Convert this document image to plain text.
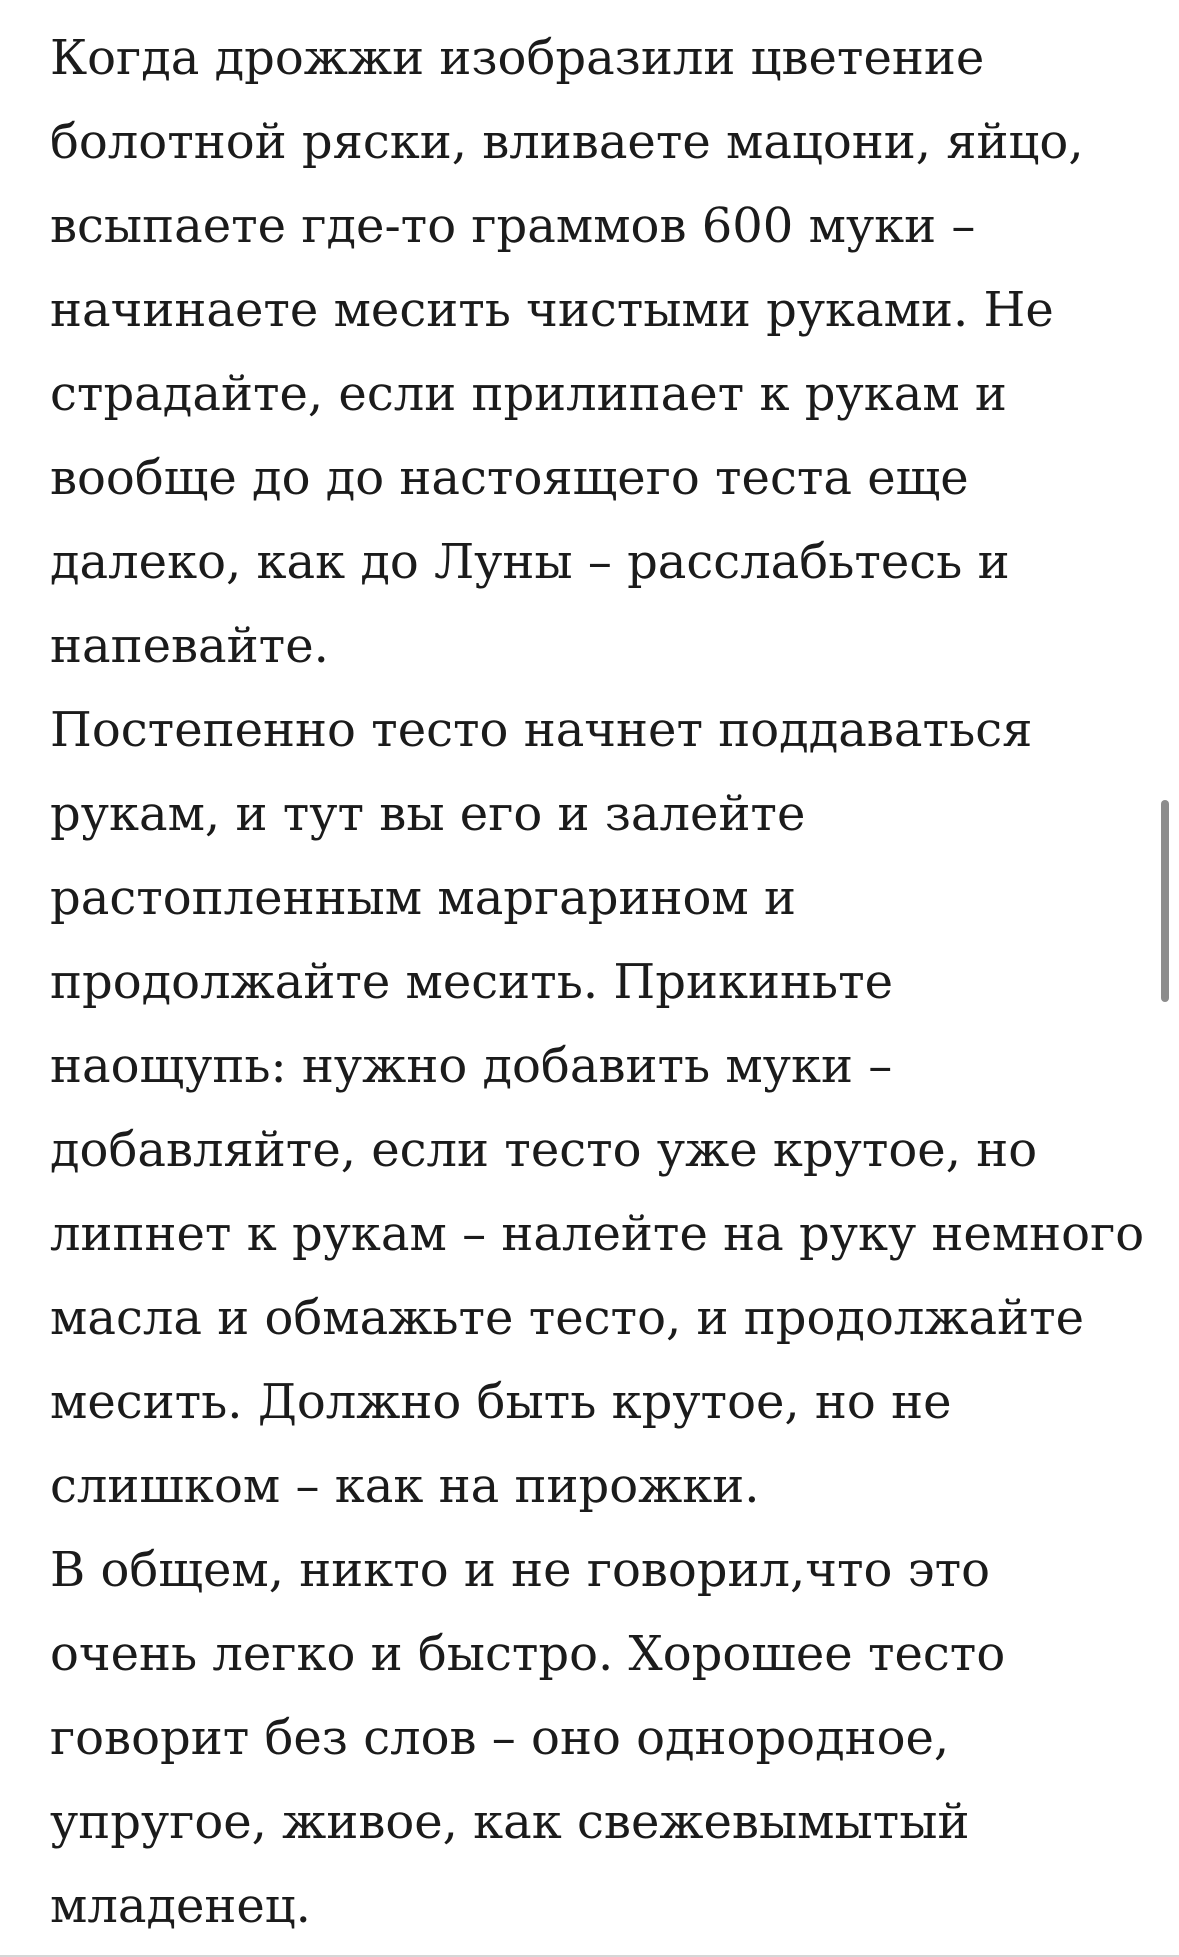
Когда дрожжи изобразили цветение
болотной ряски, вливаете мацони, яйцо,
всыпаете где-то граммов 600 муки –
начинаете месить чистыми руками. Не
страдайте, если прилипает к рукам и
вообще до до настоящего теста еще
далеко, как до Луны – расслабьтесь и
напевайте.
Постепенно тесто начнет поддаваться
рукам, и тут вы его и залейте
растопленным маргарином и
продолжайте месить. Прикиньте
наощупь: нужно добавить муки –
добавляйте, если тесто уже крутое, но
липнет к рукам – налейте на руку немного
масла и обмажьте тесто, и продолжайте
месить. Должно быть крутое, но не
слишком – как на пирожки.
В общем, никто и не говорил,что это
очень легко и быстро. Хорошее тесто
говорит без слов – оно однородное,
упругое, живое, как свежевымытый
младенец.
